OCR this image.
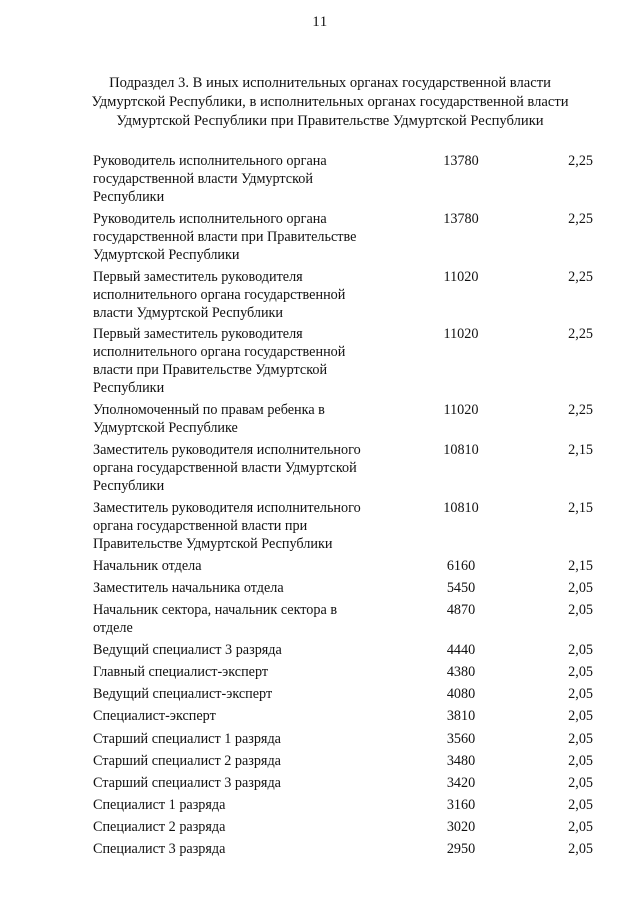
11
Подраздел 3. В иных исполнительных органах государственной власти
Удмуртской Республики, в исполнительных органах государственной власти
Удмуртской Республики при Правительстве Удмуртской Республики
Руководитель исполнительного органа
государственной власти Удмуртской
Республики
13780	2,25
Руководитель исполнительного органа
государственной власти при Правительстве
Удмуртской Республики
13780	2,25
Первый заместитель руководителя
исполнительного органа государственной
власти Удмуртской Республики
11020	2,25
Первый заместитель руководителя
исполнительного органа государственной
власти при Правительстве Удмуртской
Республики
11020	2,25
Уполномоченный по правам ребенка в
Удмуртской Республике
11020	2,25
Заместитель руководителя исполнительного
органа государственной власти Удмуртской
Республики
10810	2,15
Заместитель руководителя исполнительного
органа государственной власти при
Правительстве Удмуртской Республики
10810	2,15
Начальник отдела	6160	2,15
Заместитель начальника отдела	5450	2,05
Начальник сектора, начальник сектора в
отделе
4870	2,05
Ведущий специалист 3 разряда	4440	2,05
Главный специалист-эксперт	4380	2,05
Ведущий специалист-эксперт	4080	2,05
Специалист-эксперт	3810	2,05
Старший специалист 1 разряда	3560	2,05
Старший специалист 2 разряда	3480	2,05
Старший специалист 3 разряда	3420	2,05
Специалист 1 разряда	3160	2,05
Специалист 2 разряда	3020	2,05
Специалист 3 разряда	2950	2,05
